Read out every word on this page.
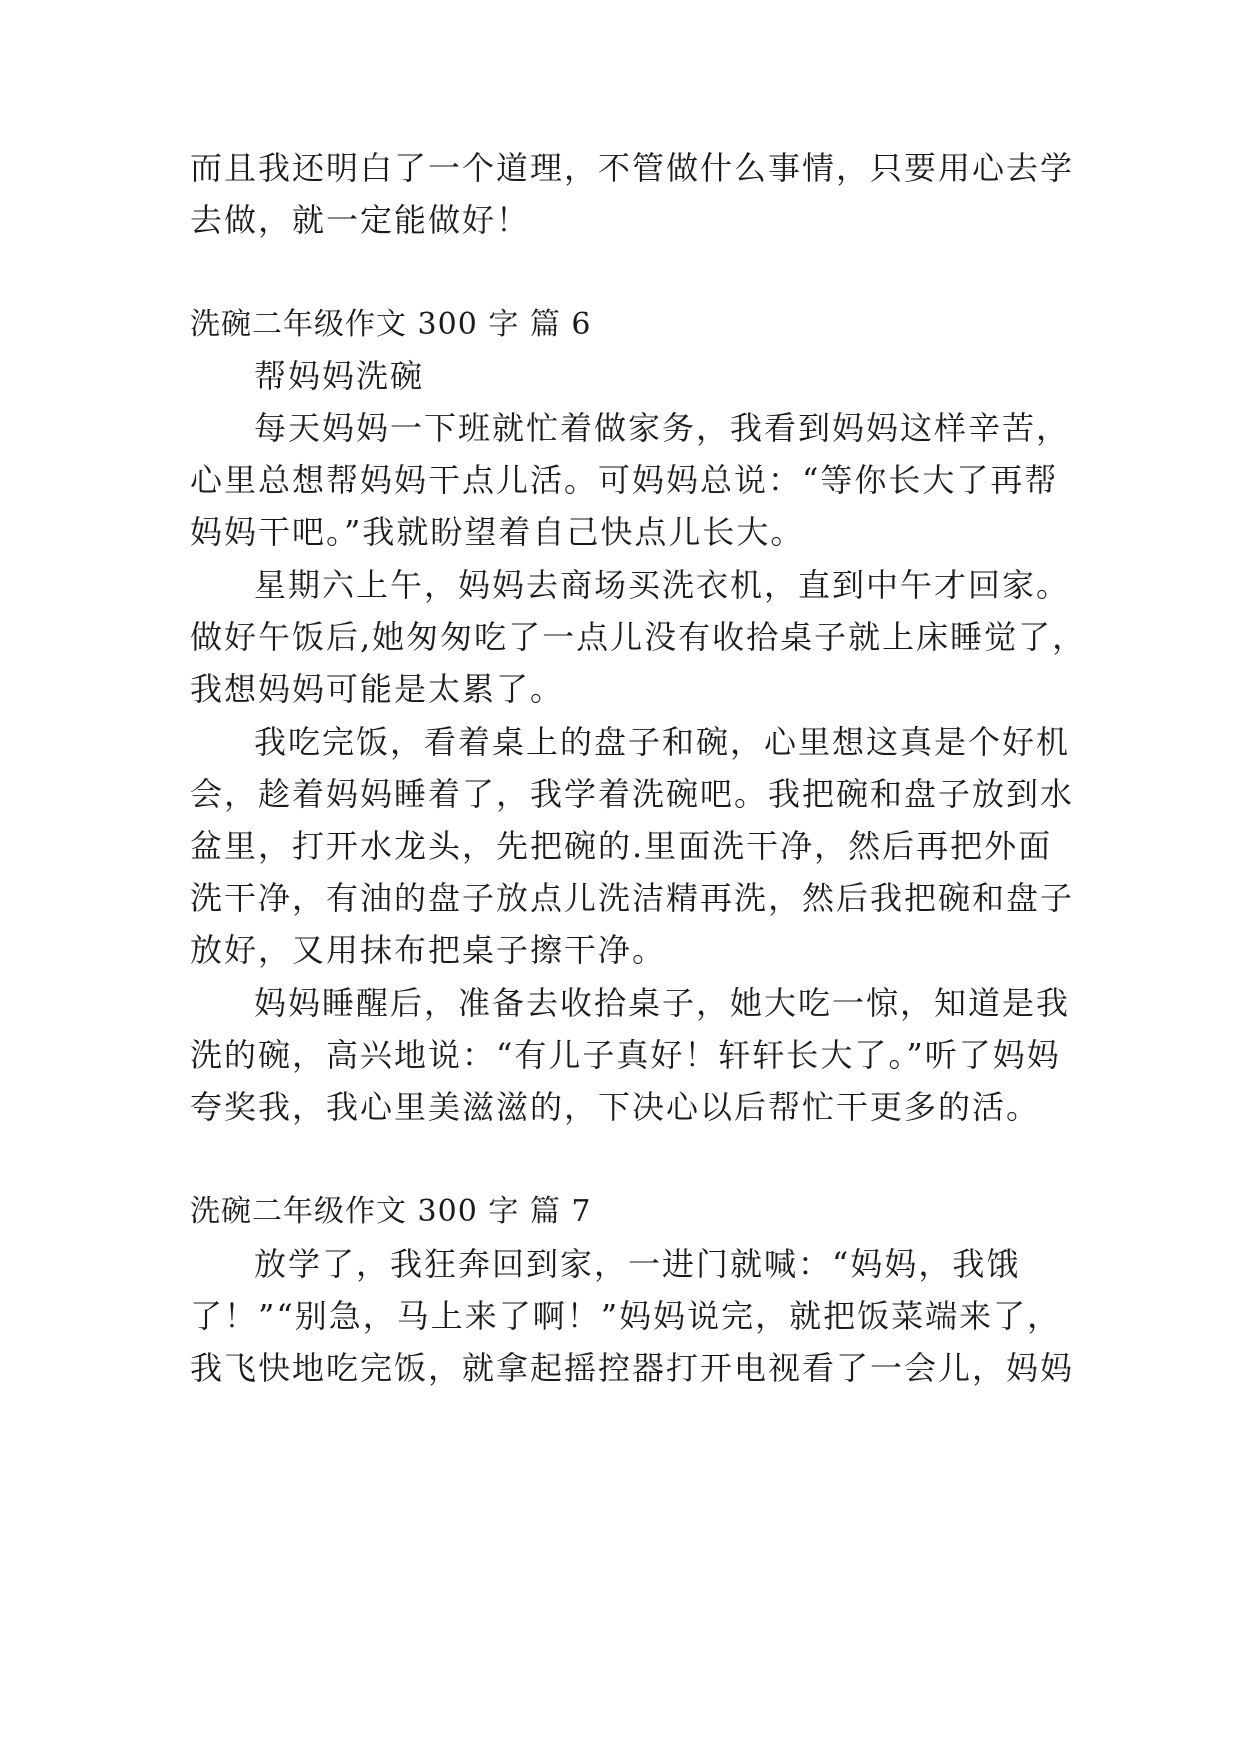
而且我还明白了一个道理，不管做什么事情，只要用心去学
去做，就一定能做好！
洗碗二年级作文 300 字 篇 6
帮妈妈洗碗
每天妈妈一下班就忙着做家务，我看到妈妈这样辛苦，
心里总想帮妈妈干点儿活。可妈妈总说：“等你长大了再帮
妈妈干吧。”我就盼望着自己快点儿长大。
星期六上午，妈妈去商场买洗衣机，直到中午才回家。
做好午饭后,她匆匆吃了一点儿没有收拾桌子就上床睡觉了，
我想妈妈可能是太累了。
我吃完饭，看着桌上的盘子和碗，心里想这真是个好机
会，趁着妈妈睡着了，我学着洗碗吧。我把碗和盘子放到水
盆里，打开水龙头，先把碗的.里面洗干净，然后再把外面
洗干净，有油的盘子放点儿洗洁精再洗，然后我把碗和盘子
放好，又用抹布把桌子擦干净。
妈妈睡醒后，准备去收拾桌子，她大吃一惊，知道是我
洗的碗，高兴地说：“有儿子真好！轩轩长大了。”听了妈妈
夸奖我，我心里美滋滋的，下决心以后帮忙干更多的活。
洗碗二年级作文 300 字 篇 7
放学了，我狂奔回到家，一进门就喊：“妈妈，我饿
了！”“别急，马上来了啊！”妈妈说完，就把饭菜端来了，
我飞快地吃完饭，就拿起摇控器打开电视看了一会儿，妈妈
